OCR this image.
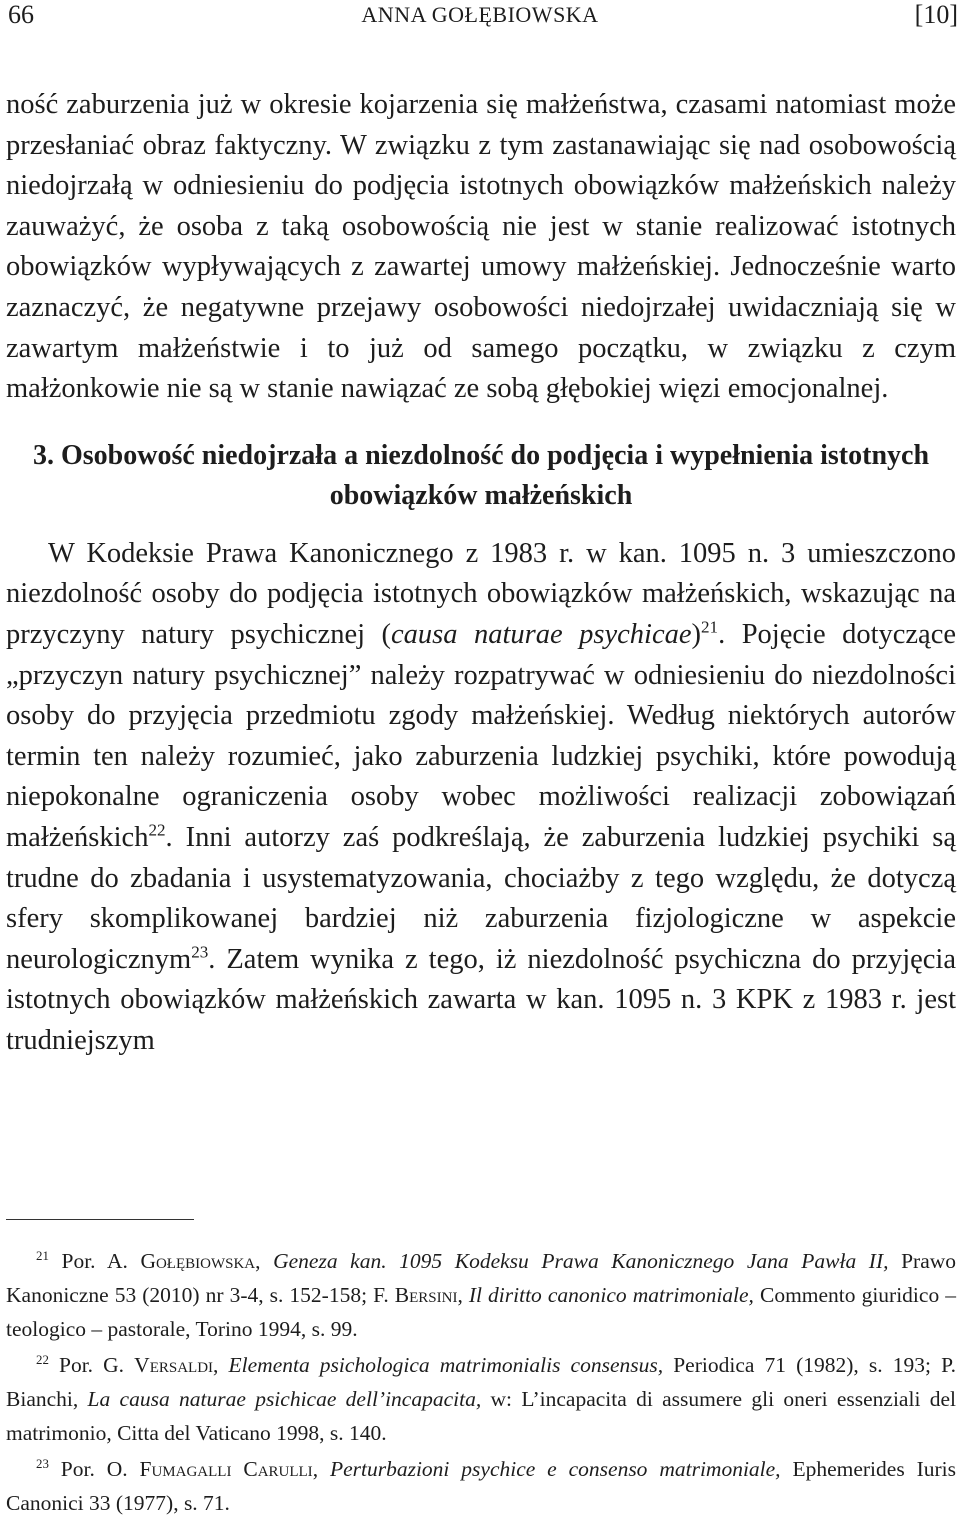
66	ANNA GOŁĘBIOWSKA	[10]

ność zaburzenia już w okresie kojarzenia się małżeństwa, czasami natomiast może przesłaniać obraz faktyczny. W związku z tym zastanawiając się nad osobowością niedojrzałą w odniesieniu do podjęcia istotnych obowiązków małżeńskich należy zauważyć, że osoba z taką osobowością nie jest w stanie realizować istotnych obowiązków wypływających z zawartej umowy małżeńskiej. Jednocześnie warto zaznaczyć, że negatywne przejawy osobowości niedojrzałej uwidaczniają się w zawartym małżeństwie i to już od samego początku, w związku z czym małżonkowie nie są w stanie nawiązać ze sobą głębokiej więzi emocjonalnej.

3. Osobowość niedojrzała a niezdolność do podjęcia i wypełnienia istotnych obowiązków małżeńskich

W Kodeksie Prawa Kanonicznego z 1983 r. w kan. 1095 n. 3 umieszczono niezdolność osoby do podjęcia istotnych obowiązków małżeńskich, wskazując na przyczyny natury psychicznej (causa naturae psychicae)$^{21}$. Pojęcie dotyczące „przyczyn natury psychicznej” należy rozpatrywać w odniesieniu do niezdolności osoby do przyjęcia przedmiotu zgody małżeńskiej. Według niektórych autorów termin ten należy rozumieć, jako zaburzenia ludzkiej psychiki, które powodują niepokonalne ograniczenia osoby wobec możliwości realizacji zobowiązań małżeńskich$^{22}$. Inni autorzy zaś podkreślają, że zaburzenia ludzkiej psychiki są trudne do zbadania i usystematyzowania, chociażby z tego względu, że dotyczą sfery skomplikowanej bardziej niż zaburzenia fizjologiczne w aspekcie neurologicznym$^{23}$. Zatem wynika z tego, iż niezdolność psychiczna do przyjęcia istotnych obowiązków małżeńskich zawarta w kan. 1095 n. 3 KPK z 1983 r. jest trudniejszym

$^{21}$ Por. A. Gołębiowska, Geneza kan. 1095 Kodeksu Prawa Kanonicznego Jana Pawła II, Prawo Kanoniczne 53 (2010) nr 3-4, s. 152-158; F. Bersini, Il diritto canonico matrimoniale, Commento giuridico – teologico – pastorale, Torino 1994, s. 99.

$^{22}$ Por. G. Versaldi, Elementa psichologica matrimonialis consensus, Periodica 71 (1982), s. 193; P. Bianchi, La causa naturae psichicae dell’incapacita, w: L’incapacita di assumere gli oneri essenziali del matrimonio, Citta del Vaticano 1998, s. 140.

$^{23}$ Por. O. Fumagalli Carulli, Perturbazioni psychice e consenso matrimoniale, Ephemerides Iuris Canonici 33 (1977), s. 71.
